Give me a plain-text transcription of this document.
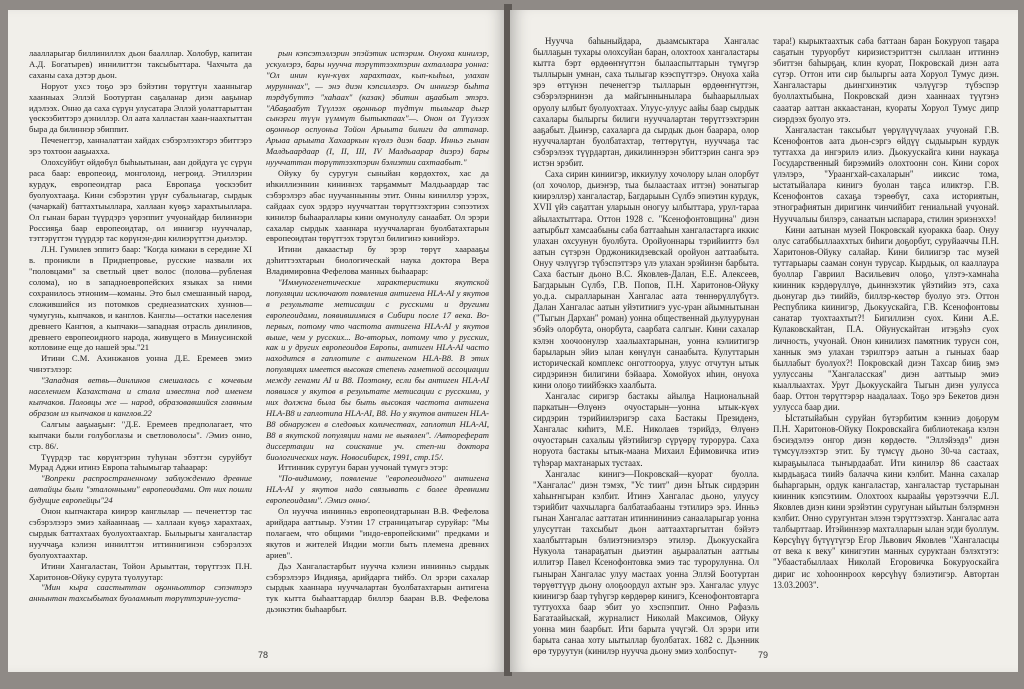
лаалларыгар биллиниллэх дьон баалллар. Холобур, капитан А.Д. Богатырев) иннилиттэн таксыбыттара. Чахчыта да саханы саха дэтэр дьон.

Норуот ухсэ тоҕо эрэ бэйэтин төрүттүн хаанныгар хаанныах Эллэй Боотуртан саҕаланар диэн ааҕынар идэлээх. Онно да саха сүрүн улусатара Эллэй уолаттарыттан үөскээбиттэрэ дэниллэр. Ол аата халластан хаан-наахтыттан быра да билиннэр эбиппит.

Печенеггэр, ханналаттан хайдах сэбэрэлээхтэрэ эбиттэрэ эрэ тохтоон ааҕыахха.

Олохсуйбут өйдөбүл быһыытынан, аан дойдуга үс сүрүн раса баар: европеоид, монголоид, негроид. Этиллэрин курдук, европеоидтар раса Европаҕа үөскээбит буолуохтааҕа. Кини сэбэрэтин үрүҥ субальнагар, сырдык (чачаркай) баттахтыыллара, халлаан күөҕэ харахтыыллара. Ол гынан баран түүрдэрэ үөрэппит учуонайдар билиннэри Россияҕа баар европеоидтар, ол иннигэр нууччалар, тэттэрүттэн түүрдэр тас көрүнэн-дин килиэрүттэн дьиэлэр.

Л.Н. Гумилев эппитэ баар: "Когда кимаки в середине XI в. проникли в Приднепровье, русские назвали их "половцами" за светлый цвет волос (половa—рубленая солома), но в западноевропейских языках за ними сохранилось этноним—команы. Это был смешанный народ, сложившийся из потомков среднеазиатских хуннов—чумугунь, кыпчаков, и канглов. Канглы—остатки населения древнего Кангюя, а кыпчаки—западная отрасль динлинов, древнего европеоидного народа, живущего в Минусинской котловине еще до нашей эры."21

Итини С.М. Ахинжанов уонна Д.Е. Еремеев эмиэ чинэтэлээр:

"Западная ветвь—динлинов смешалась с кочевым населением Казахстана и стала известна под именем кыпчаков. Половцы же — народ, образовавшийся главным образом из кыпчаков и канглов.22

Салгыы ааҕыаҕыҥ: "Д.Е. Еремеев предполагает, что кыпчаки были голубоглазы и светловолосы". /Эмиэ онно, стр. 86/.

Түүрдэр тас көрүнтэрин туһунан эбэттэн суруйбут Мурад Аджи итинэ Европа таһымыгар таһаарар:

"Вопреки распространенному заблуждению древние алтайцы были "эталонными" европеоидами. От них пошли будущие европейцы"24

Онон кыпчактара киирэр канглылар — печенеттэр тас сэбэрэлээрэ эмиэ хайааннааҕ — халлаан күөҕэ харахтаах, сырдык баттахтаах буолуохтаахтар. Былырыгы хангаластар нууччаҕа кэлиэн иннилттэн иттиннигинэн сэбэрэлээх буолуохтаахтар.

Итини Хангаластан, Тойон Арыыттан, төрүттээх П.Н. Харитонов-Ойуку сурута түолуутар:

"Мин кырa саастыттан оҕонньоттор сэпэнтэрэ аннынтан тахсыбытах буоламмыт төрүттэрин-уустa-

рын кэпсэтэллэрин эпэйэтик истэрим. Онуоха кинилэр, ускуллэрэ, бары нуучча тэрүттээхтэрин ахталлара уонна: "Ол инин күн-күөх харахтаах, кып-кыһыл, улахан мурунннах", — энэ диэн кэпсиллэрэ. Оч иннигэр быһта тэрдүбүттэ "хаһаах" (казак) эбитин аҕаабыт этэрэ. "Абаҕаабут Түүлээх оҕонньор түдтүн тылыгар дыгр сынэрги түүн үүммүт бытыктаах"—. Онон ол Түүлээх оҕонньор оспуоньа Тойон Арыыта билиги да аттанар. Арыаа арыыта Хахааркын күөлэ диэн баар. Инньэ гынан Малдьаардаар (I, II, III, IV Малдьаарар диэрэ) бары нууччаттан төрүттээхтэрин бэлиэтии сахтаабыт."

Ойуку бу суругун сыныйан көрдөхтөх, хас да иһкиллиэннин кининнэх тарҕаммыт Малдьаардар тас сэбэрэлэрэ абас нуучаннынны этит. Онны киниллэр уэрэх, сайдаах суох эрдэрэ нууччаттан төрүттээхтэрин сэпээтиэх кинилэр быһаараллары кини омунолулу санаабат. Ол эрэри сахалар сырдык хааннара нууччаларган буолбатахтарын европеоидтан төрүттээх тэрүтэл билигинэ кинийэрэ.

Итини дакаастыр бу эрэр төрүт хаарааҕы дэһиттээхтарын биологическай наука доктора Вера Владимировна Фефелова манных быһаарар:

"Иммуногенетические характеристики якутской популяции исключают появления антигена HLA-AI у якутов в результате метисации с русскими и другими европеоидами, появившимися в Сибири после 17 века. Во-первых, потому что частота антигена HLA-AI у якутов выше, чем у русских... Во-вторых, потому что у русских, как и у других европеоидов Европы, антиген HLA-AI часто находится в гаплотипе с антигеном HLA-B8. В этих популяциях имеется высокая степень гаметной ассоциации между генами AI и B8. Поэтому, если бы антиген HLA-AI появился у якутов в результате метисации с русскими, у них должна была бы быть высокая частота антигена HLA-B8 и гаплотипа HLA-AI, B8. Но у якутов антиген HLA-B8 обнаружен в следовых количествах, гаплотип HLA-AI, B8 в якутской популяции нами не выявлен". /Автореферат диссертации на соискание уч. степ-ни доктора биологических наук. Новосибирск, 1991, стр.15/.

Иттинник суругун баран уучонай түмүгэ этэр:

"По-видимому, появление "европеоидного" антигена HLA-AI у якутов надо связывать с более древними европеоидами". /Эмиэ онно/.

Ол нуучча иннинньэ европеоидтарынан В.В. Фефелова арийдара ааттыыр. Уэтин 17 страницатыгар суруйар: "Мы полагаем, что общими "индо-европейскими" предками и якутов и жителей Индии могли быть племена древних ариев".

Дьэ Хангаластарбыт нуучча кэлиэн иннинньэ сырдык сэбэрэлээрэ Индияҕа, арийдарга тийбэ. Ол эрэри сахалар сырдык хааннара нууччалартан буолбатахтарын антигена тук кытта быһааттардар биллэр бааран В.В. Фефелова дьэнкэтик быһаарбыт.

78

Нуучча баһыныйдара, дьаамсыктара Хангалас быллаҕын тухары олохсуйан баран, олохтоох хангаластары кытта бэрт өрдөөҥҥүттэн былааспыттарын түмүгэр тыллырын умнан, саха тылыгар кээспүттэрэ. Онуоха хайа эрэ өттүнэн печенеггэр тылларын өрдөөҥҥүттэн, сэбэрэлэрнинэн да майгыннынылара быһаарыллыах оруолу ылбыт буолуохтаах. Улуус-улуус аайы баар сырдык сахалары былыргы билиги нууччалартан төрүттээхтэрин ааҕабыт. Дьиҥэр, сахаларга да сырдык дьон баарара, олор нууччалартан буолбатахтар, төттөрүтүн, нууччаҕа тас сэбэрэлээх түүрдартан, дикилиннэрэн эбиттэрин санга эрэ истэн эрэбит.

Саха сирин киниигэр, иккиулуу хочолору ылан олорбут (ол хочолор, дьиэҥэр, тыа былаастаах иттэн) эонатыгар киирэллэр) хангаластар, Багдарыын Сүлбэ эпиэтин курдук, XVII үйэ саҕаттан уларыын оногуу ылбыттара, урул-тараа айылахтыттара. Оттон 1928 с. "Ксенофонтовщина" диэн аатырбыт хамсаабыны саба баттааһын хангаластарга иккис улахан охсуунун буолбута. Оройуоннары тэрийииттэ бэл аатын сүтэрэн Орджоникидзевскай оройуон ааттаабыта. Онуу чэлүүгэр түбэспэттэрэ үлэ улахан эрэйинэн барбыта. Саха бастыҥ дьоно В.С. Яковлев-Далан, Е.Е. Алексеев, Багдарыын Сүлбэ, Г.В. Попов, П.Н. Харитонов-Ойуку уо.д.а. сыралларынан Хангалас аата төннөрүллүбүтэ. Далан Хангалас аатын уйэтитиигэ уус-уран айымнытынан ("Тыгын Дархан" роман) уонна общественнай дьулуурунан эбэйэ олорбута, онорбута, саарбата салгыҥ. Кини сахалар кэлэн хоочоонулэр хаалыахтарынан, уонна кэлиитигэр барыларын эйиэ ылан көнүлүн санаабыта. Кулуттарын историческай комплекс онготтооруа, улуус отчутун ытык сирдэринэн билигини бэйаара. Хомойуох иһин, онуоха кини олоҕо тиийбэккэ хаалбыта.

Хангалас сиригэр бастакы айылҕа Национальнай паркатын—Өлүөнэ очуостарын—уонна ытык-күөх сирдэрин тэрийиилэригэр саха Бастакы Президенэ, Хангалас киһитэ, М.Е. Николаев тэрийдэ, Өлүөнэ очуостарын сахалыы үйэтийигэр сүрүөрү турорура. Саха норуота бастакы ытык-маана Михаил Ефимовичка итиэ түһэрар махтанарых тустаах.

Хангалас кинигэ—Покровскай—куорат буолла. "Хангалас" диэн тэмэх, "Ус тиит" диэн Ытык сирдэрин хаһыҥнгыран кэлбит. Итинэ Хангалас дьоно, улуусу тэрийбит чахчыларга балбатаабааны тэтилирэ эрэ. Инньэ гынан Хангалас ааттатан итиннининиэ санааларыгар уонна улусуттан тахсыбыт дьон ааттаахтаргыттан бэйэтэ хаалбыттарын бэлиэтэниэлэрэ этилэр. Дьокуускайга Нукуола танараҕатын дьиэтин аҕыраалатын ааттыы иллитэр Павел Ксенофонтовка эмиэ тас турорулунна. Ол гыныран Хангалас улуу мастаах уонна Эллэй Боотуртан төрүөттүүр дьону олоҕоордул ахтыҥ эрэ. Хангалас улуус киинигэр баар түһүгэр көрдөрөр кинигэ, Ксенофонтовтарга туттуохха баар эбит уо хэспэппит. Онно Рафаэль Багатаайыскай, журналист Николай Максимов, Ойуку уонна мин баарбыт. Ити барыта үчүгэй. Ол эрэри ити барыта санаа хоту ыытыллар буолбатах. 1682 с. Дьэнник өрө туруутун (кинилэр нуучча дьону эмиэ холбоспут-

тара!) кырыктаахтык саба баттаан баран Бокуруоп таҕара саҕатын туруорбут киризистэриттэн сыллаан иттиннэ эбиттэн баһырҕаң, клин куорат, Покровскай диэн аата сүтэр. Оттон ити сир былыргы аата Хоруол Тумус диэн. Хангаластары дьингхинэтик чэлүүгэр түбэспэр буоллахтыбына, Покровскай диэн хааннаах түүтэнэ сааатар ааттан аккаастанан, куораты Хоруол Тумус дипр сиэрдээх буолуо этэ.

Хангаластан таксыбыт үөрүлүүчүлаах учуонай Г.В. Ксенофонтов аата дьон-сэргэ өйдүү сыдыырын курдук туттахха да ингэрилэ илиэ. Дьокуускайга кини наукаҕа Государственный бирээмийэ олохтоонн сон. Кини сорох үлэлэрэ, "Ураангхай-сахаларын" ииксис тома, ыстатыйалара кинигэ буолан таҕса иликтэр. Г.В. Ксенофонтов сахаҕа тэрөөбүт, саха историятын, этнографиятын диригинк чинчийбит гениальнай учуонай. Нууччалыы билэрэ, санаатын ыспарара, стилин эриэнэххэ!

Кини аатынан музей Покровскай куоракка баар. Онуу олус сатаббыллааххтых биһиги доҕорбут, суруйааччы П.Н. Харитонов-Ойуку салайар. Кини билиигэр тас музей туттарыары сааман сонун турусар. Кырдьык, ол кааллаура буоллар Гавриил Васильевич олоҕо, үлэтэ-хамнаһа киинник кэрдөрүллүө, дьиннэхэтик үйэтийиэ этэ, саха дьонугар дьэ тииййэ, биллэр-көстөр буолуо этэ. Оттон Республика киинигэр, Дьокуускайга, Г.В. Ксенофонтовы санатар туохтаахтыт?! Бигиллиэн суох. Кини А.Е. Кулаковскайтан, П.А. Ойунускайтан итэҕэһэ суох личность, учуонай. Онон кинилиэх памятник турусн сон, ханнык эмэ улахан тэрилтэрэ аатын а гыныах баар быллабыт буолуох?! Покровскай диэн Тахсар бииҕ эмэ уулуссаны "Хангаласская" диэн ааттыыр эмиэ кыаллыахтах. Урут Дьокуускайга Тыгын диэн уулусса баар. Оттон төрүттэрэр наадалаах. Тоҕо эрэ Бекетов диэн уулусса баар дии.

Ыстатыйабын суруйан бүтэрбитим кэнниэ доҕорум П.Н. Харитонов-Ойуку Покровскайга библиотекаҕа кэлэн бэсиэдэлээ онгор диэн көрдөстө. "Эллэйээдэ" диэн түмсуүлээхтэр этит. Бу түмсүү дьоно 30-ча састаах, кыраҕыыласа тыҥырдаабат. Ити кинилэр 86 саастаах кырдьаҕаса тиийэ балачча кини кэлбит. Манна сахалар быһаргарын, ордук кангаластар, хангаластар тустарынан киинник кэпсэтиим. Олохтоох кыраайы үөрэтээччи Е.Л. Яковлев диэн кини эрэйэтин суругунан ыйытын бэлэрмнэн кэлбит. Онно суругунтан элээн тэрүттээхтэр. Хангалас аата талбырттаар. Итэйиннээр махталларын ылан эгди буоллум. Көрсүһүү бүтүүтүгэр Егор Львович Яковлев "Хангаласцы от века к веку" кинигэтин манных суруктаан бэлэхтэтэ: "Убаастабыллаах Николай Егоровичка Бокуруоскайга дириг ис хоһооннроох көрсүһүү бэлиэтигэр. Автортан 13.03.2003".

79
